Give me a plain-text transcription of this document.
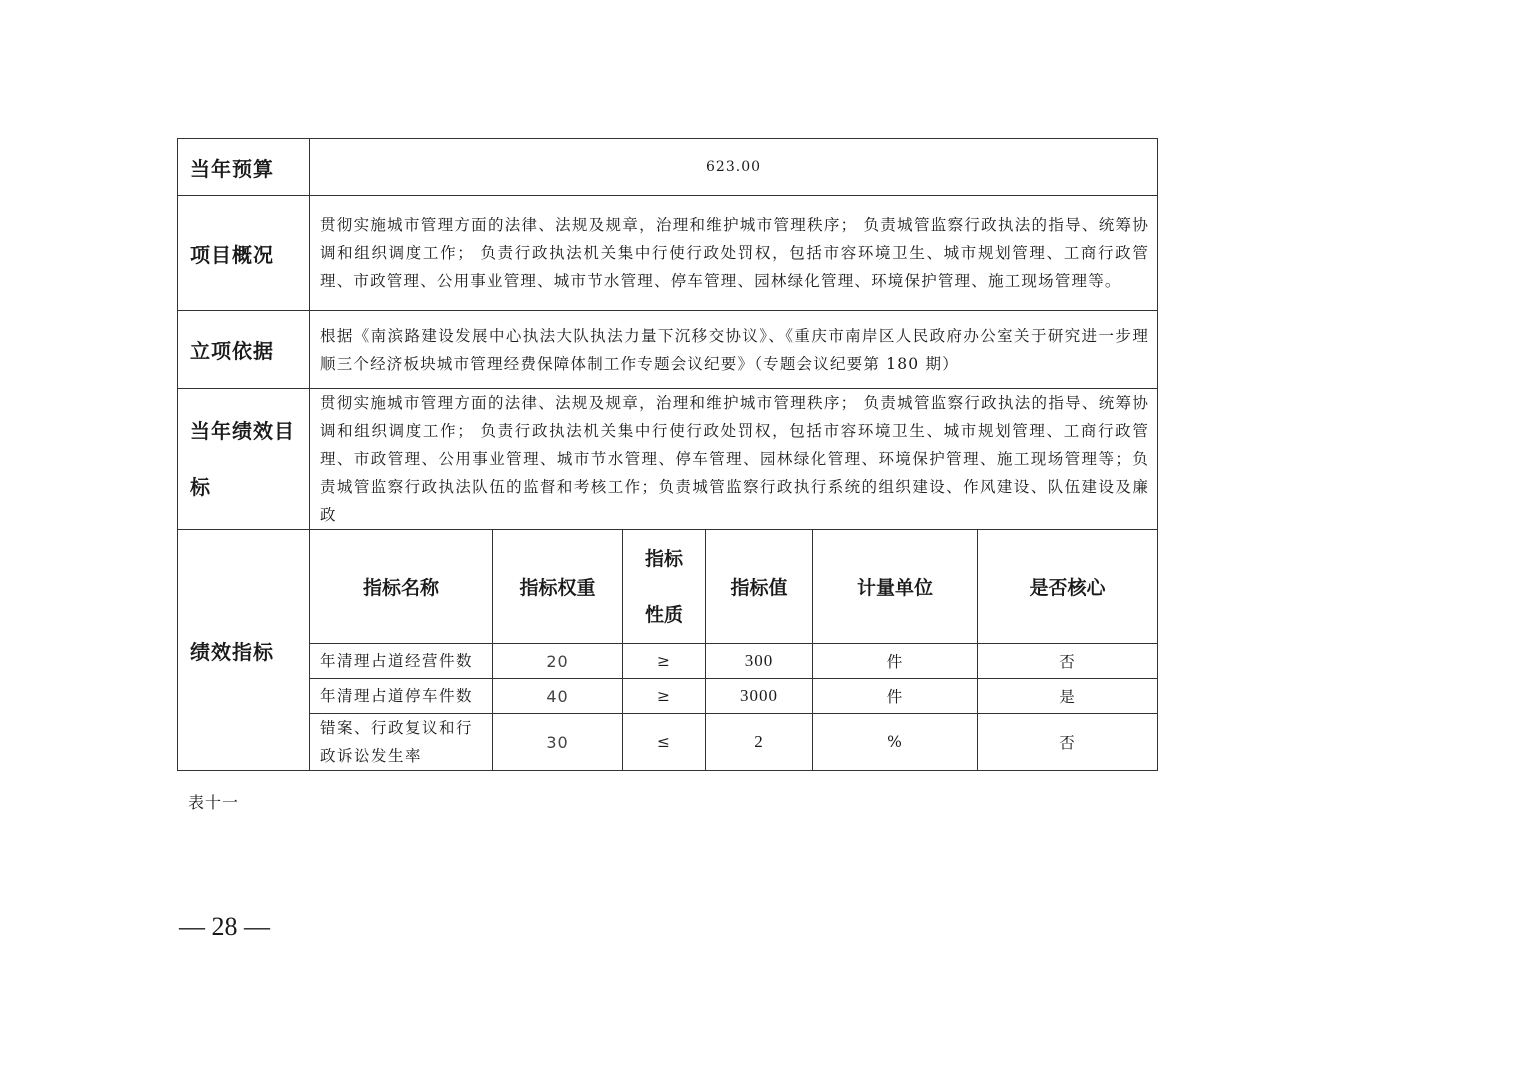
当年预算	623.00					
项目概况	贯彻实施城市管理方面的法律、法规及规章，治理和维护城市管理秩序； 负责城管监察行政执法的指导、统筹协调和组织调度工作； 负责行政执法机关集中行使行政处罚权，包括市容环境卫生、城市规划管理、工商行政管理、市政管理、公用事业管理、城市节水管理、停车管理、园林绿化管理、环境保护管理、施工现场管理等。					
立项依据	根据《南滨路建设发展中心执法大队执法力量下沉移交协议》、《重庆市南岸区人民政府办公室关于研究进一步理顺三个经济板块城市管理经费保障体制工作专题会议纪要》（专题会议纪要第 180 期）					
当年绩效目标	贯彻实施城市管理方面的法律、法规及规章，治理和维护城市管理秩序； 负责城管监察行政执法的指导、统筹协调和组织调度工作； 负责行政执法机关集中行使行政处罚权，包括市容环境卫生、城市规划管理、工商行政管理、市政管理、公用事业管理、城市节水管理、停车管理、园林绿化管理、环境保护管理、施工现场管理等；负责城管监察行政执法队伍的监督和考核工作；负责城管监察行政执行系统的组织建设、作风建设、队伍建设及廉政					
绩效指标	指标名称	指标权重	指标性质	指标值	计量单位	是否核心
	年清理占道经营件数	20	≥	300	件	否
	年清理占道停车件数	40	≥	3000	件	是
	错案、行政复议和行政诉讼发生率	30	≤	2	%	否
表十一
— 28 —
